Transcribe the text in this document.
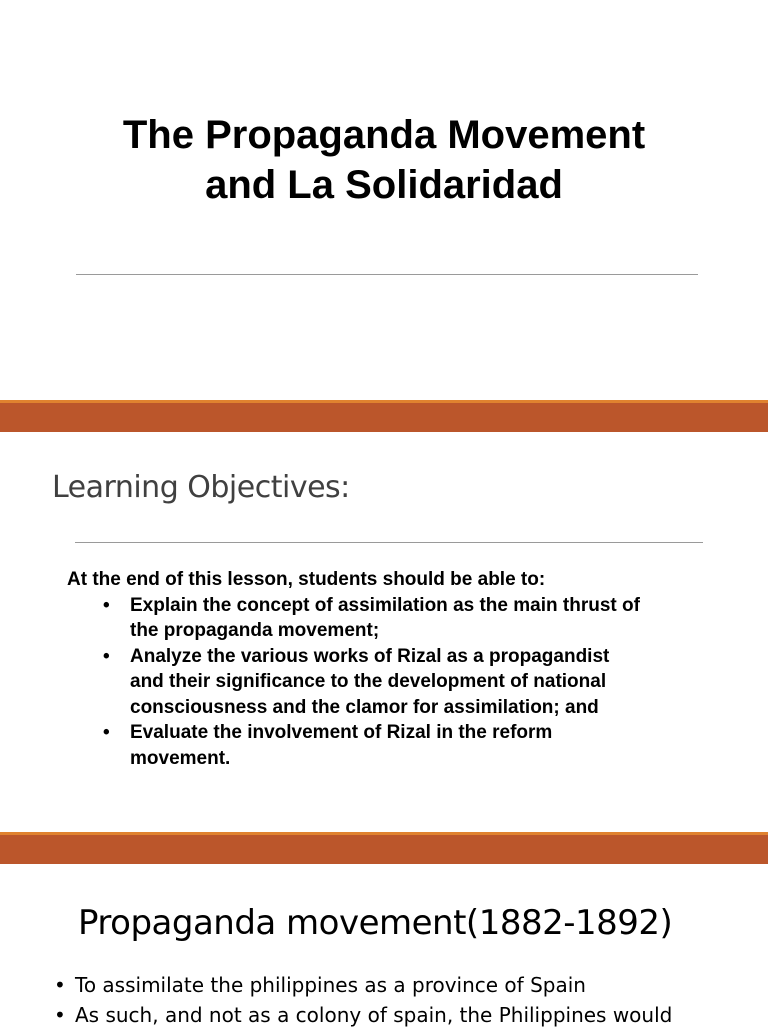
The Propaganda Movement
and La Solidaridad
Learning Objectives:

At the end of this lesson, students should be able to:

• Explain the concept of assimilation as the main thrust of the propaganda movement;
• Analyze the various works of Rizal as a propagandist and their significance to the development of national consciousness and the clamor for assimilation; and
• Evaluate the involvement of Rizal in the reform movement.
Propaganda movement(1882-1892)
• To assimilate the philippines as a province of Spain
• As such, and not as a colony of spain, the Philippines would
